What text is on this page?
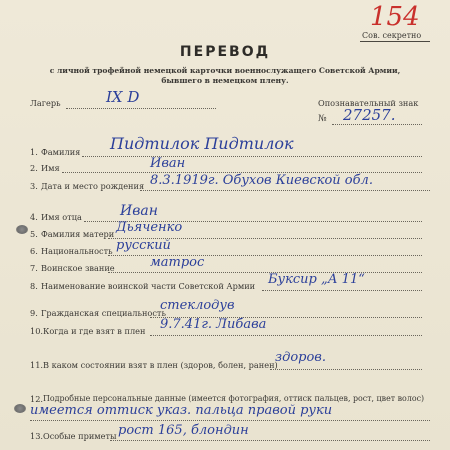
154
Сов. секретно
ПЕРЕВОД
с личной трофейной немецкой карточки военнослужащего Советской Армии,
бывшего в немецком плену.
Лагерь	IX D	Опознавательный знак
№ 27257.
1. Фамилия Пидтилок Пидтилок
2. Имя	Иван
3. Дата и место рождения 8.3.1919г. Обухов Киевской обл.
4. Имя отца	Иван
5. Фамилия матери Дьяченко
6. Национальность русский
7. Воинское звание	матрос
8. Наименование воинской части Советской Армии Буксир „А 11“
9. Гражданская специальность
стеклодув
10. Когда и где взят в плен 9.7.41г. Либава
11. В каком состоянии взят в плен (здоров, болен, ранен)
здоров.
12. Подробные персональные данные (имеется фотография, оттиск пальцев, рост, цвет волос)
имеется оттиск указ. пальца правой руки
13. Особые приметы рост 165, блондин
